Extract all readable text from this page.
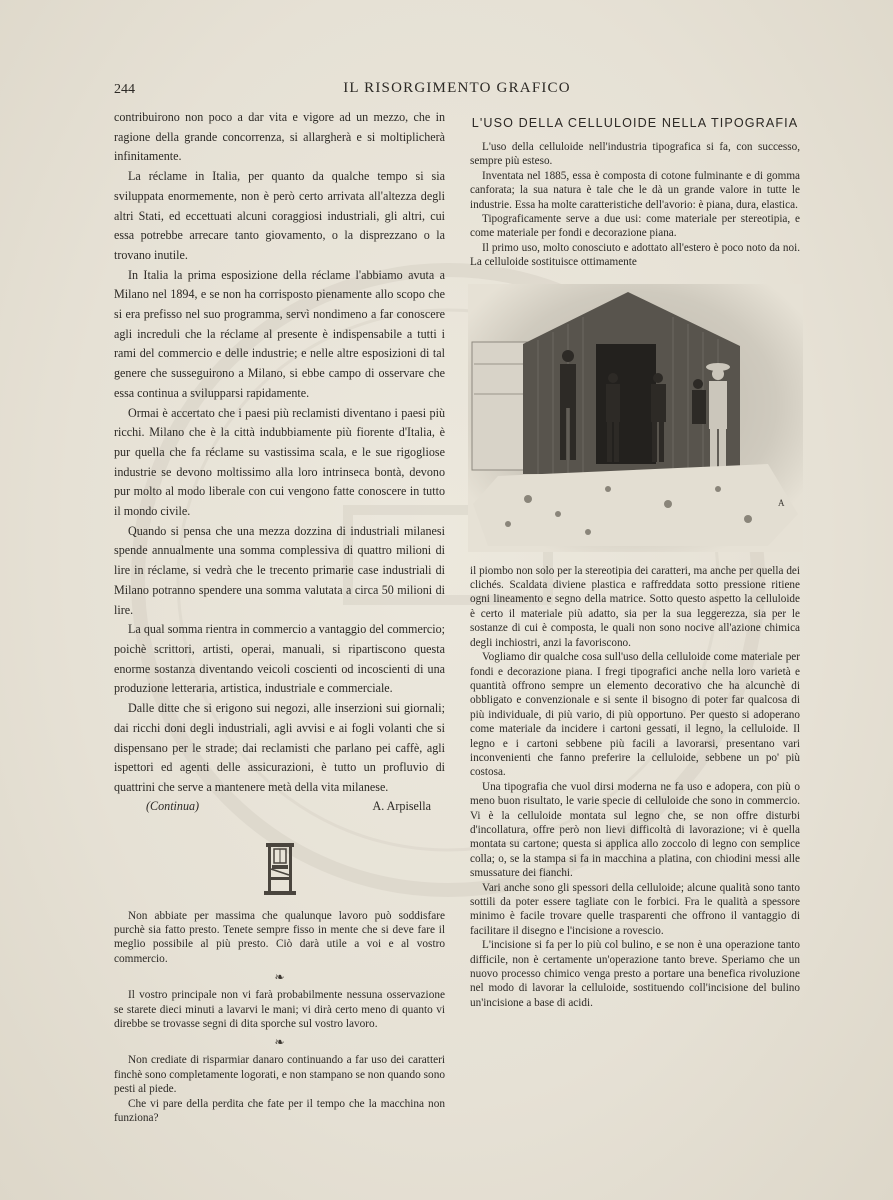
244	IL RISORGIMENTO GRAFICO

contribuirono non poco a dar vita e vigore ad un mezzo, che in ragione della grande concorrenza, si allargherà e si moltiplicherà infinitamente.

La réclame in Italia, per quanto da qualche tempo si sia sviluppata enormemente, non è però certo arrivata all'altezza degli altri Stati, ed eccettuati alcuni coraggiosi industriali, gli altri, cui essa potrebbe arrecare tanto giovamento, o la disprezzano o la trovano inutile.

In Italia la prima esposizione della réclame l'abbiamo avuta a Milano nel 1894, e se non ha corrisposto pienamente allo scopo che si era prefisso nel suo programma, servì nondimeno a far conoscere agli increduli che la réclame al presente è indispensabile a tutti i rami del commercio e delle industrie; e nelle altre esposizioni di tal genere che susseguirono a Milano, si ebbe campo di osservare che essa continua a svilupparsi rapidamente.

Ormai è accertato che i paesi più reclamisti diventano i paesi più ricchi. Milano che è la città indubbiamente più fiorente d'Italia, è pur quella che fa réclame su vastissima scala, e le sue rigogliose industrie se devono moltissimo alla loro intrinseca bontà, devono pur molto al modo liberale con cui vengono fatte conoscere in tutto il mondo civile.

Quando si pensa che una mezza dozzina di industriali milanesi spende annualmente una somma complessiva di quattro milioni di lire in réclame, si vedrà che le trecento primarie case industriali di Milano potranno spendere una somma valutata a circa 50 milioni di lire.

La qual somma rientra in commercio a vantaggio del commercio; poichè scrittori, artisti, operai, manuali, si ripartiscono questa enorme sostanza diventando veicoli coscienti od incoscienti di una produzione letteraria, artistica, industriale e commerciale.

Dalle ditte che si erigono sui negozi, alle inserzioni sui giornali; dai ricchi doni degli industriali, agli avvisi e ai fogli volanti che si dispensano per le strade; dai reclamisti che parlano pei caffè, agli ispettori ed agenti delle assicurazioni, è tutto un profluvio di quattrini che serve a mantenere metà della vita milanese.

(Continua)	A. Arpisella

Non abbiate per massima che qualunque lavoro può soddisfare purchè sia fatto presto. Tenete sempre fisso in mente che si deve fare il meglio possibile al più presto. Ciò darà utile a voi e al vostro commercio.

❧

Il vostro principale non vi farà probabilmente nessuna osservazione se starete dieci minuti a lavarvi le mani; vi dirà certo meno di quanto vi direbbe se trovasse segni di dita sporche sul vostro lavoro.

❧

Non crediate di risparmiar danaro continuando a far uso dei caratteri finchè sono completamente logorati, e non stampano se non quando sono pesti al piede.

Che vi pare della perdita che fate per il tempo che la macchina non funziona?

L'USO DELLA CELLULOIDE NELLA TIPOGRAFIA

L'uso della celluloide nell'industria tipografica si fa, con successo, sempre più esteso.

Inventata nel 1885, essa è composta di cotone fulminante e di gomma canforata; la sua natura è tale che le dà un grande valore in tutte le industrie. Essa ha molte caratteristiche dell'avorio: è piana, dura, elastica.

Tipograficamente serve a due usi: come materiale per stereotipia, e come materiale per fondi e decorazione piana.

Il primo uso, molto conosciuto e adottato all'estero è poco noto da noi. La celluloide sostituisce ottimamente

A

il piombo non solo per la stereotipia dei caratteri, ma anche per quella dei clichés. Scaldata diviene plastica e raffreddata sotto pressione ritiene ogni lineamento e segno della matrice. Sotto questo aspetto la celluloide è certo il materiale più adatto, sia per la sua leggerezza, sia per le sostanze di cui è composta, le quali non sono nocive all'azione chimica degli inchiostri, anzi la favoriscono.

Vogliamo dir qualche cosa sull'uso della celluloide come materiale per fondi e decorazione piana. I fregi tipografici anche nella loro varietà e quantità offrono sempre un elemento decorativo che ha alcunchè di obbligato e convenzionale e si sente il bisogno di poter far qualcosa di più individuale, di più vario, di più opportuno. Per questo si adoperano come materiale da incidere i cartoni gessati, il legno, la celluloide. Il legno e i cartoni sebbene più facili a lavorarsi, presentano vari inconvenienti che fanno preferire la celluloide, sebbene un po' più costosa.

Una tipografia che vuol dirsi moderna ne fa uso e adopera, con più o meno buon risultato, le varie specie di celluloide che sono in commercio. Vi è la celluloide montata sul legno che, se non offre disturbi d'incollatura, offre però non lievi difficoltà di lavorazione; vi è quella montata su cartone; questa si applica allo zoccolo di legno con semplice colla; o, se la stampa si fa in macchina a platina, con chiodini messi alle smussature dei fianchi.

Vari anche sono gli spessori della celluloide; alcune qualità sono tanto sottili da poter essere tagliate con le forbici. Fra le qualità a spessore minimo è facile trovare quelle trasparenti che offrono il vantaggio di facilitare il disegno e l'incisione a rovescio.

L'incisione si fa per lo più col bulino, e se non è una operazione tanto difficile, non è certamente un'operazione tanto breve. Speriamo che un nuovo processo chimico venga presto a portare una benefica rivoluzione nel modo di lavorar la celluloide, sostituendo coll'incisione del bulino un'incisione a base di acidi.
